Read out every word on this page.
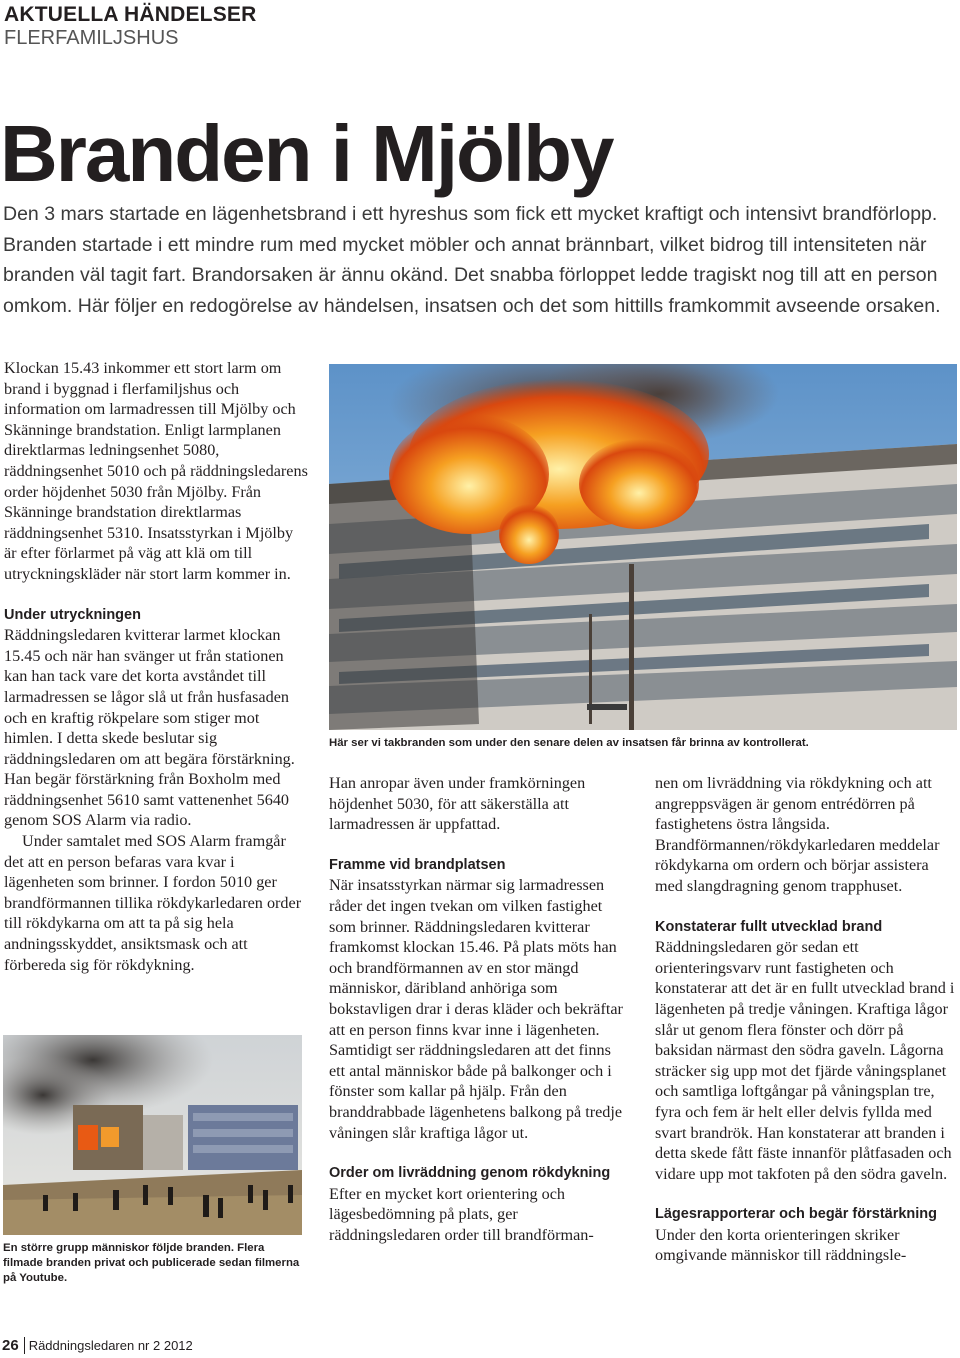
AKTUELLA HÄNDELSER
FLERFAMILJSHUS
Branden i Mjölby

Den 3 mars startade en lägenhetsbrand i ett hyreshus som fick ett mycket kraftigt och intensivt brandförlopp. Branden startade i ett mindre rum med mycket möbler och annat brännbart, vilket bidrog till intensiteten när branden väl tagit fart. Brandorsaken är ännu okänd. Det snabba förloppet ledde tragiskt nog till att en person omkom. Här följer en redogörelse av händelsen, insatsen och det som hittills framkommit avseende orsaken.

Klockan 15.43 inkommer ett stort larm om brand i byggnad i flerfamiljshus och information om larmadressen till Mjölby och Skänninge brandstation. Enligt larmplanen direktlarmas ledningsenhet 5080, räddningsenhet 5010 och på räddningsledarens order höjdenhet 5030 från Mjölby. Från Skänninge brandstation direktlarmas räddningsenhet 5310. Insatsstyrkan i Mjölby är efter förlarmet på väg att klä om till utryckningskläder när stort larm kommer in.

Under utryckningen

Räddningsledaren kvitterar larmet klockan 15.45 och när han svänger ut från stationen kan han tack vare det korta avståndet till larmadressen se lågor slå ut från husfasaden och en kraftig rökpelare som stiger mot himlen. I detta skede beslutar sig räddningsledaren om att begära förstärkning. Han begär förstärkning från Boxholm med räddningsenhet 5610 samt vattenenhet 5640 genom SOS Alarm via radio.

Under samtalet med SOS Alarm framgår det att en person befaras vara kvar i lägenheten som brinner. I fordon 5010 ger brandförmannen tillika rökdykarledaren order till rökdykarna om att ta på sig hela andningsskyddet, ansiktsmask och att förbereda sig för rökdykning.

En större grupp människor följde branden. Flera filmade branden privat och publicerade sedan filmerna på Youtube.
Här ser vi takbranden som under den senare delen av insatsen får brinna av kontrollerat.

Han anropar även under framkörningen höjdenhet 5030, för att säkerställa att larmadressen är uppfattad.

Framme vid brandplatsen

När insatsstyrkan närmar sig larmadressen råder det ingen tvekan om vilken fastighet som brinner. Räddningsledaren kvitterar framkomst klockan 15.46. På plats möts han och brandförmannen av en stor mängd människor, däribland anhöriga som bokstavligen drar i deras kläder och bekräftar att en person finns kvar inne i lägenheten. Samtidigt ser räddningsledaren att det finns ett antal människor både på balkonger och i fönster som kallar på hjälp. Från den branddrabbade lägenhetens balkong på tredje våningen slår kraftiga lågor ut.

Order om livräddning genom rökdykning

Efter en mycket kort orientering och lägesbedömning på plats, ger räddningsledaren order till brandförman-

nen om livräddning via rökdykning och att angreppsvägen är genom entrédörren på fastighetens östra långsida. Brandförmannen/rökdykarledaren meddelar rökdykarna om ordern och börjar assistera med slangdragning genom trapphuset.

Konstaterar fullt utvecklad brand

Räddningsledaren gör sedan ett orienteringsvarv runt fastigheten och konstaterar att det är en fullt utvecklad brand i lägenheten på tredje våningen. Kraftiga lågor slår ut genom flera fönster och dörr på baksidan närmast den södra gaveln. Lågorna sträcker sig upp mot det fjärde våningsplanet och samtliga loftgångar på våningsplan tre, fyra och fem är helt eller delvis fyllda med svart brandrök. Han konstaterar att branden i detta skede fått fäste innanför plåtfasaden och vidare upp mot takfoten på den södra gaveln.

Lägesrapporterar och begär förstärkning

Under den korta orienteringen skriker omgivande människor till räddningsle-

26 Räddningsledaren nr 2 2012
